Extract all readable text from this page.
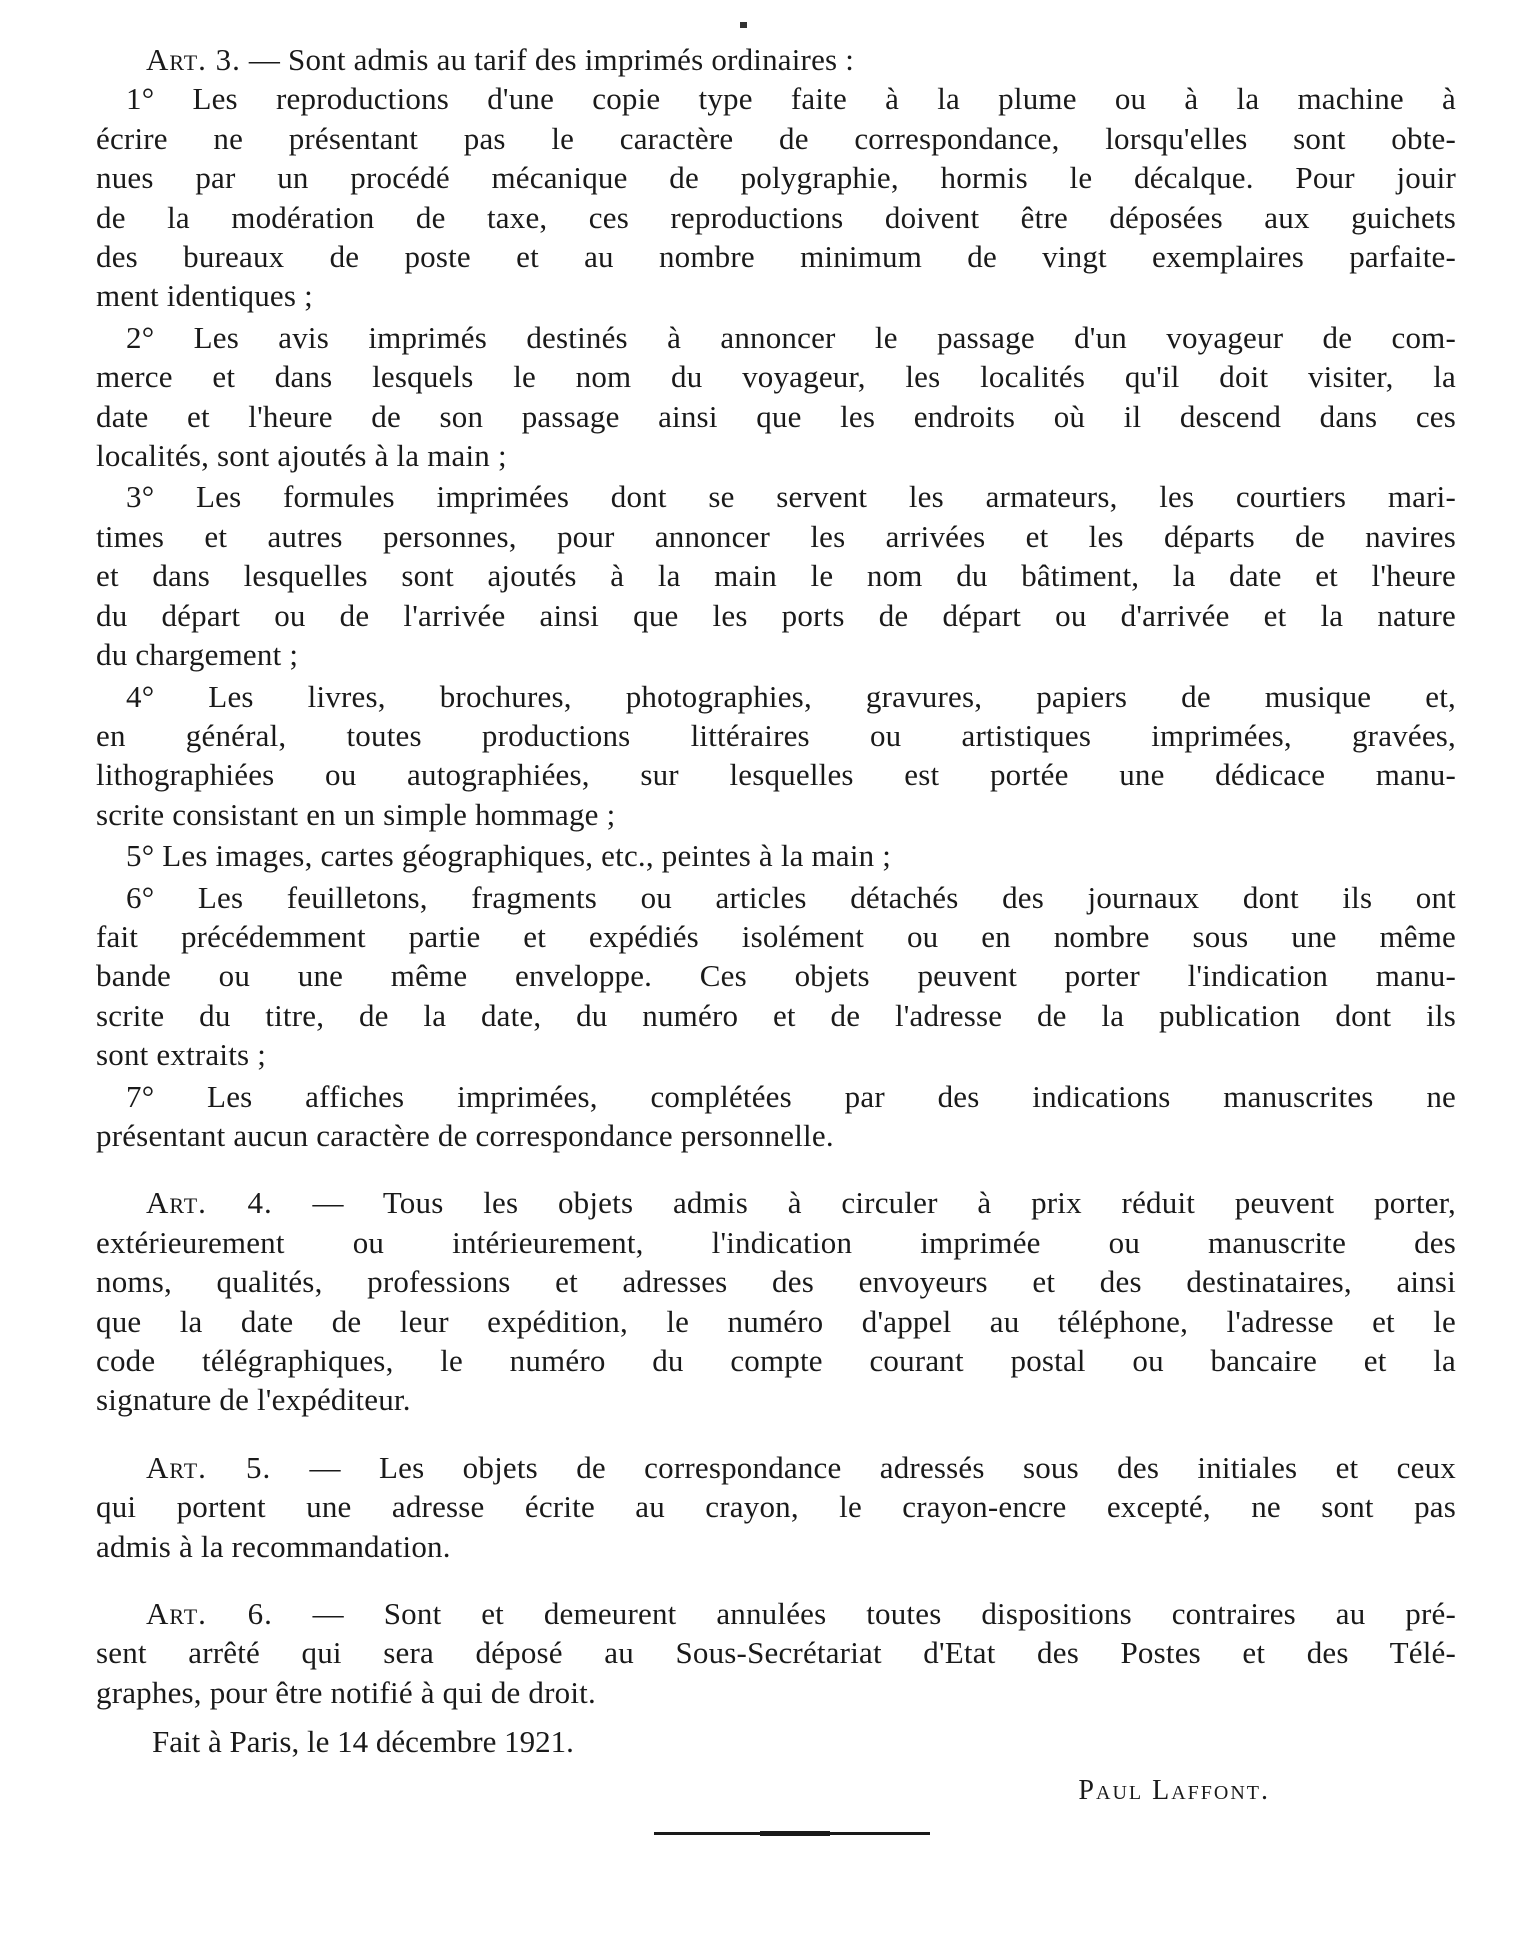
Art. 3. — Sont admis au tarif des imprimés ordinaires :
1° Les reproductions d'une copie type faite à la plume ou à la machine à
écrire ne présentant pas le caractère de correspondance, lorsqu'elles sont obte-
nues par un procédé mécanique de polygraphie, hormis le décalque. Pour jouir
de la modération de taxe, ces reproductions doivent être déposées aux guichets
des bureaux de poste et au nombre minimum de vingt exemplaires parfaite-
ment identiques ;
2° Les avis imprimés destinés à annoncer le passage d'un voyageur de com-
merce et dans lesquels le nom du voyageur, les localités qu'il doit visiter, la
date et l'heure de son passage ainsi que les endroits où il descend dans ces
localités, sont ajoutés à la main ;
3° Les formules imprimées dont se servent les armateurs, les courtiers mari-
times et autres personnes, pour annoncer les arrivées et les départs de navires
et dans lesquelles sont ajoutés à la main le nom du bâtiment, la date et l'heure
du départ ou de l'arrivée ainsi que les ports de départ ou d'arrivée et la nature
du chargement ;
4° Les livres, brochures, photographies, gravures, papiers de musique et,
en général, toutes productions littéraires ou artistiques imprimées, gravées,
lithographiées ou autographiées, sur lesquelles est portée une dédicace manu-
scrite consistant en un simple hommage ;
5° Les images, cartes géographiques, etc., peintes à la main ;
6° Les feuilletons, fragments ou articles détachés des journaux dont ils ont
fait précédemment partie et expédiés isolément ou en nombre sous une même
bande ou une même enveloppe. Ces objets peuvent porter l'indication manu-
scrite du titre, de la date, du numéro et de l'adresse de la publication dont ils
sont extraits ;
7° Les affiches imprimées, complétées par des indications manuscrites ne
présentant aucun caractère de correspondance personnelle.
Art. 4. — Tous les objets admis à circuler à prix réduit peuvent porter,
extérieurement ou intérieurement, l'indication imprimée ou manuscrite des
noms, qualités, professions et adresses des envoyeurs et des destinataires, ainsi
que la date de leur expédition, le numéro d'appel au téléphone, l'adresse et le
code télégraphiques, le numéro du compte courant postal ou bancaire et la
signature de l'expéditeur.
Art. 5. — Les objets de correspondance adressés sous des initiales et ceux
qui portent une adresse écrite au crayon, le crayon-encre excepté, ne sont pas
admis à la recommandation.
Art. 6. — Sont et demeurent annulées toutes dispositions contraires au pré-
sent arrêté qui sera déposé au Sous-Secrétariat d'Etat des Postes et des Télé-
graphes, pour être notifié à qui de droit.
Fait à Paris, le 14 décembre 1921.
Paul Laffont.
